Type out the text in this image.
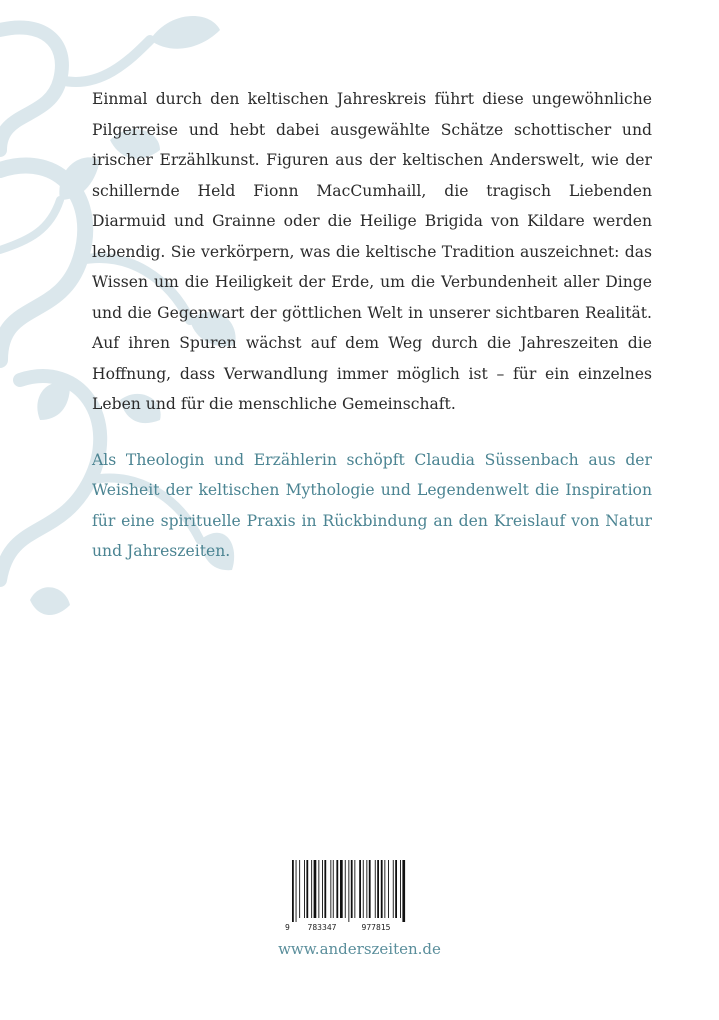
Einmal durch den keltischen Jahreskreis führt diese ungewöhnliche Pilgerreise und hebt dabei ausgewählte Schätze schottischer und irischer Erzählkunst. Figuren aus der keltischen Anderswelt, wie der schillernde Held Fionn MacCumhaill, die tragisch Liebenden Diarmuid und Grainne oder die Heilige Brigida von Kildare werden lebendig. Sie verkörpern, was die keltische Tradition auszeichnet: das Wissen um die Heiligkeit der Erde, um die Verbundenheit aller Dinge und die Gegenwart der göttlichen Welt in unserer sichtbaren Realität. Auf ihren Spuren wächst auf dem Weg durch die Jahreszeiten die Hoffnung, dass Verwandlung immer möglich ist – für ein einzelnes Leben und für die menschliche Gemeinschaft.

Als Theologin und Erzählerin schöpft Claudia Süssenbach aus der Weisheit der keltischen Mythologie und Legendenwelt die Inspiration für eine spirituelle Praxis in Rückbindung an den Kreislauf von Natur und Jahreszeiten.

9 783347	977815
www.anderszeiten.de
